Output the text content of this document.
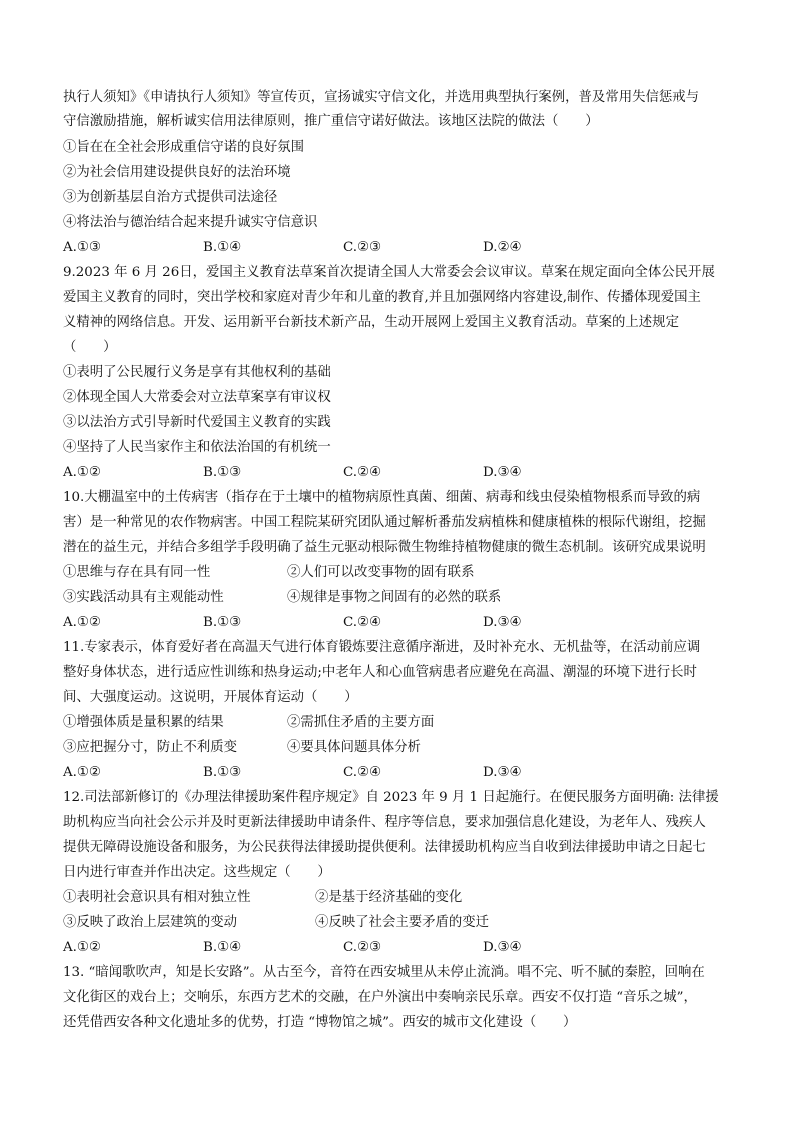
执行人须知》《申请执行人须知》等宣传页，宣扬诚实守信文化，并选用典型执行案例，普及常用失信惩戒与
守信激励措施，解析诚实信用法律原则，推广重信守诺好做法。该地区法院的做法（　　）
①旨在在全社会形成重信守诺的良好氛围
②为社会信用建设提供良好的法治环境
③为创新基层自治方式提供司法途径
④将法治与德治结合起来提升诚实守信意识
A.①③	B.①④	C.②③	D.②④
9.2023 年 6 月 26日，爱国主义教育法草案首次提请全国人大常委会会议审议。草案在规定面向全体公民开展
爱国主义教育的同时，突出学校和家庭对青少年和儿童的教育,并且加强网络内容建设,制作、传播体现爱国主
义精神的网络信息。开发、运用新平台新技术新产品，生动开展网上爱国主义教育活动。草案的上述规定
（　　）
①表明了公民履行义务是享有其他权利的基础
②体现全国人大常委会对立法草案享有审议权
③以法治方式引导新时代爱国主义教育的实践
④坚持了人民当家作主和依法治国的有机统一
A.①②	B.①③	C.②④	D.③④
10.大棚温室中的土传病害（指存在于土壤中的植物病原性真菌、细菌、病毒和线虫侵染植物根系而导致的病
害）是一种常见的农作物病害。中国工程院某研究团队通过解析番茄发病植株和健康植株的根际代谢组，挖掘
潜在的益生元，并结合多组学手段明确了益生元驱动根际微生物维持植物健康的微生态机制。该研究成果说明
①思维与存在具有同一性	②人们可以改变事物的固有联系
③实践活动具有主观能动性	④规律是事物之间固有的必然的联系
A.①②	B.①③	C.②④	D.③④
11.专家表示，体育爱好者在高温天气进行体育锻炼要注意循序渐进，及时补充水、无机盐等，在活动前应调
整好身体状态，进行适应性训练和热身运动;中老年人和心血管病患者应避免在高温、潮湿的环境下进行长时
间、大强度运动。这说明，开展体育运动（　　）
①增强体质是量积累的结果	②需抓住矛盾的主要方面
③应把握分寸，防止不利质变	④要具体问题具体分析
A.①②	B.①③	C.②④	D.③④
12.司法部新修订的《办理法律援助案件程序规定》自 2023 年 9 月 1 日起施行。在便民服务方面明确: 法律援
助机构应当向社会公示并及时更新法律援助申请条件、程序等信息，要求加强信息化建设，为老年人、残疾人
提供无障碍设施设备和服务，为公民获得法律援助提供便利。法律援助机构应当自收到法律援助申请之日起七
日内进行审查并作出决定。这些规定（　　）
①表明社会意识具有相对独立性	②是基于经济基础的变化
③反映了政治上层建筑的变动	④反映了社会主要矛盾的变迁
A.①②	B.①④	C.②③	D.③④
13. “暗闻歌吹声，知是长安路”。从古至今，音符在西安城里从未停止流淌。唱不完、听不腻的秦腔，回响在
文化街区的戏台上；交响乐，东西方艺术的交融，在户外演出中奏响亲民乐章。西安不仅打造 “音乐之城”，
还凭借西安各种文化遗址多的优势，打造 “博物馆之城”。西安的城市文化建设（　　）
